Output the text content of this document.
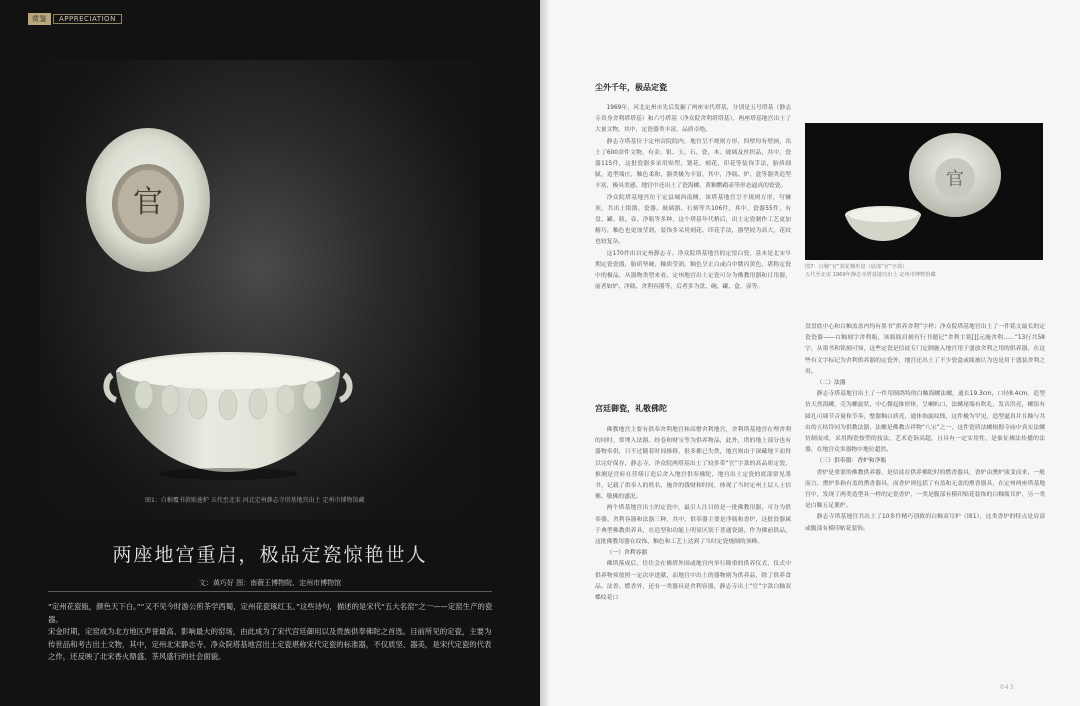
赏鉴	APPRECIATION
官
图1：白釉覆书款贴莲炉 五代至北宋 河北定州静志寺塔基地宫出土 定州市博物馆藏
两座地宫重启，极品定瓷惊艳世人
文：黄巧好 图：南薇王博物院、定州市博物馆

“定州花瓷瓯，颜色天下白。”“又不见今时游公煎茶学西蜀，定州花瓷琢红玉。”这些诗句，描述的是宋代“五大名窑”之一——定窑生产的瓷器。

宋金时期，定窑成为北方地区声誉最高、影响最大的窑场，由此成为了宋代宫廷御用以及贵族供奉佛陀之首选。目前所见的定瓷，主要为传世品和考古出土文物，其中，定州北宋静志寺、净众院塔基地宫出土定瓷堪称宋代定瓷的标准器，不仅质坚、器美，是宋代定瓷的代表之作，还反映了北宋香火鼎盛、茶风盛行的社会面貌。

尘外千年，极品定瓷

1969年，河北定州市先后发掘了两座宋代塔基，分别是五号塔基（静志寺真身舍利塔塔基）和六号塔基（净众院舍利塔塔基），两座塔基地宫出土了大量文物，其中，定瓷器类丰富，品质卓绝。

静志寺塔基位于定州贡院院内，地宫呈不规则方形，四壁均有壁画，出土了600余件文物，有金、银、玉、石、瓷、木、玻璃及丝织品，其中，瓷器115件，这批瓷器多采用贴塑、划花、刻花、印花等装饰手法，胎质细腻，造型端庄，釉色柔和，器类极为丰富，其中，净瓶、炉、盒等器类造型丰富，极具美感，地宫中还出土了瓷海螺、黄釉鹦鹉壶等形态逼真的瓷瓷。

净众院塔基地宫位于定县城西南侧，该塔基地宫呈不规则方形，穹窿顶，共出土银器、瓷器、玻璃器、石刻等共106件，其中，瓷器55件，有盘、罐、瓶、壶、净瓶等多种，这个塔基年代稍后，出土定瓷制作工艺更加精巧，釉色也更加莹润，装饰多采用刻花、印花手法，器型较为高大，花纹也较复杂。

这170件出自定州静志寺、净众院塔基地宫的定窑白瓷，基本是北宋早期定瓷瓷器，胎质坚硬，釉质莹润，釉色呈正白或白中微闪黄色，堪称定瓷中的极品，从器物类型来看，定州地宫出土定瓷可分为佛教用器和日用器，前者如炉、净瓶、舍利容器等，后者多为盘、碗、罐、盒、壶等。

宫廷御瓷，礼敬佛陀

佛教地宫主要有供奉舍利地宫和高僧舍利地宫，舍利塔基地宫在埋舍利的同时，常埋入法器、经卷和财宝等为供养物品，此外，塔的地上部分也有器物奉供，只不过随着时间推移，很多都已失佚，地宫则由于深藏地下而得以完好保存，静志寺、净众院两塔基出土了较多带“官”字款的高品质定瓷，推测是宫府在营缮订造后舍入地宫供奉佛陀，地宫出土定瓷的底部常见墨书，记载了供奉人的姓名、施舍的钱财和时间，体现了当时定州上层人士信佛、敬佛的盛况。

两个塔基地宫出土的定瓷中，最引人注目的是一批佛教用器，可分为供奉器、舍利容器和法器三种，其中，供奉器主要是净瓶和香炉，这批瓷器属于典型佛教供养具，在造型和功能上明显区别于普通瓷器，作为佛前供品，这批佛教用器在纹饰、釉色和工艺上达到了当时定瓷烧制的顶峰。

（一）舍利容器

佛塔落成后，往往会在佛塔外围或地宫内举行隆重的供养仪式，仪式中供养物须按照一定次序进献，而地宫中出土的器物则为供养品，除了供养食品、法香、燃香外，还有一类器具是舍利容器，静志寺出土“官”字款白釉双蝶纹花口

官
图7：白釉“官”款花瓣形盘（底部“官”字款）
五代至北宋 1969年静志寺塔基地宫出土 定州市博物馆藏

盘盘底中心和白釉盖盖内均有墨书“供养舍利”字样；净众院塔基地宫出土了一件铭文最长的定瓷瓷器——白釉刻字舍利瓶，该瓶瓶肩刻有行书题记“舍利主铭[]]元施舍利……”13行共58字，从墨书和铭刻可知，这些定瓷是信徒专门定制施入地宫用于盛放舍利之用的供养器，在这些有文字标记为舍利供养器的定瓷外，地宫还出土了不少瓷盒或瓶被认为也是用于盛装舍利之用。

（二）法器

静志寺塔基地宫出土了一件用制鸽特的白釉海螺法螺，通长19.3cm，口径8.4cm，造型仿天然海螺，壳为螺旋状，中心微起锥形体，呈喇叭口，法螺尾端有吹孔，发音洪亮，螺钮有圆孔可调节音量和节奏，整器釉白质亮，通体饰旋纹线，这件极为罕见，造型逼真并且釉与共由的五枯铃同为供教法器，法螺是佛教吉祥物“八宝”之一，这件瓷质法螺根据寺庙中真实法螺仿制而成，采用陶瓷按塑的技法，艺术造诣高超，且具有一定实用性，是象征佛法传播的法器，在地宫众多器物中地位超然。

（三）供奉器：香炉和净瓶

香炉是重要的佛教供养器，是信徒在供养佛陀时的燃香器具，香炉由熏炉演变而来，一般而言，熏炉多指有盖的熏香器具，而香炉则包括了有盖和无盖的熏香器具，在定州两座塔基地宫中，发现了两类造型具一样的定瓷香炉，一类是腹部有模印贴花装饰的白釉瓶耳炉，另一类是白釉五足薰炉。

静志寺塔基地宫共出土了10多件精巧别致的白釉双耳炉（图1），这类香炉的特点是肩部或腹部有模印贴花装饰。

043
